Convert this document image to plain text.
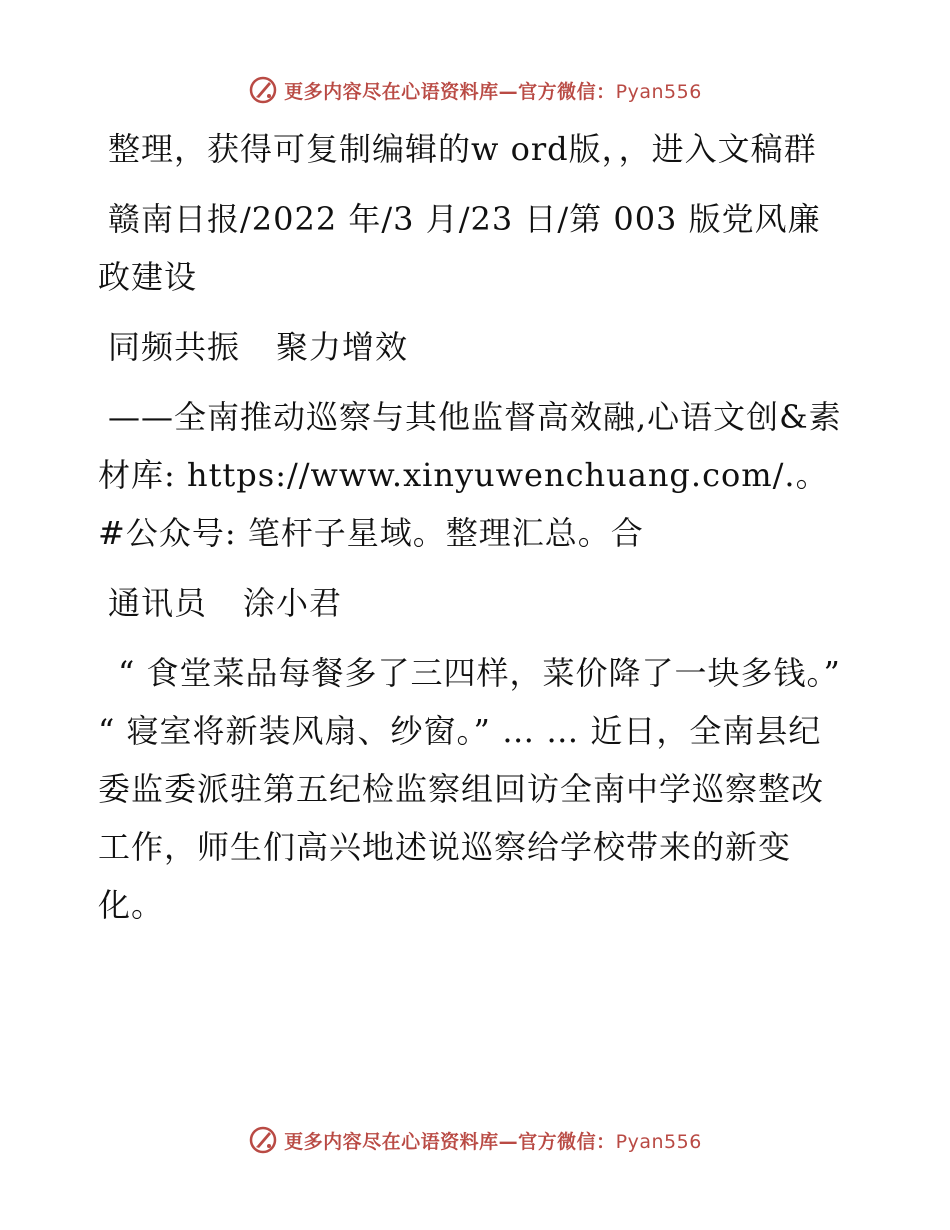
更多内容尽在心语资料库—官方微信：Pyan556

整理，获得可复制编辑的w ord版，，进入文稿群

赣南日报/2022 年/3 月/23 日/第 003 版党风廉政建设

同频共振 聚力增效

——全南推动巡察与其他监督高效融,心语文创&素材库: https://www.xinyuwenchuang.com/.。#公众号: 笔杆子星域。整理汇总。合

通讯员 涂小君

“ 食堂菜品每餐多了三四样，菜价降了一块多钱。” “ 寝室将新装风扇、纱窗。” … … 近日，全南县纪委监委派驻第五纪检监察组回访全南中学巡察整改工作，师生们高兴地述说巡察给学校带来的新变化。

更多内容尽在心语资料库—官方微信：Pyan556
